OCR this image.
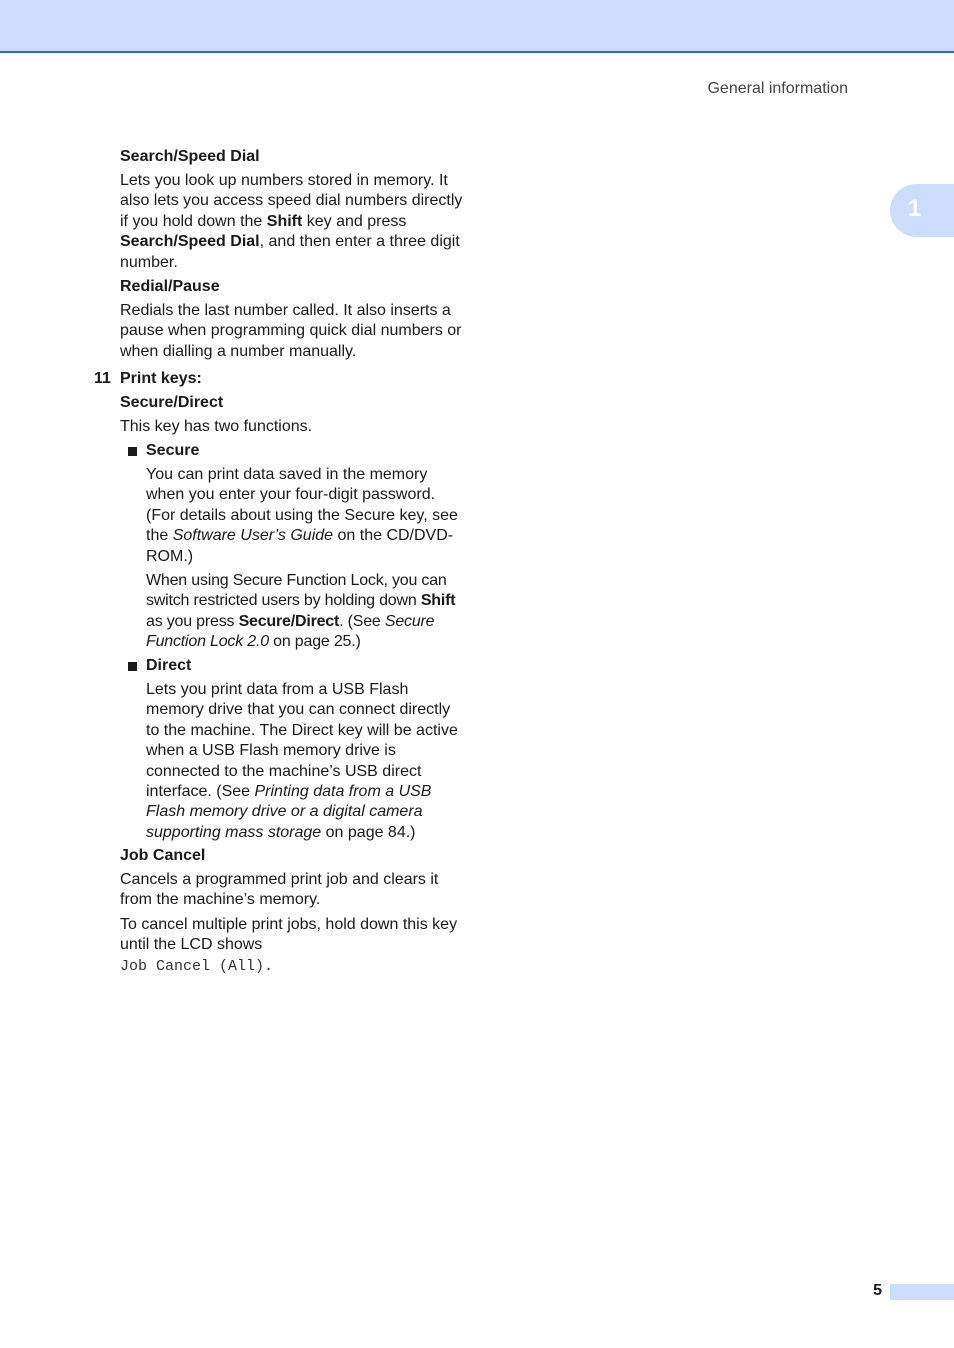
General information
1
Search/Speed Dial

Lets you look up numbers stored in memory. It also lets you access speed dial numbers directly if you hold down the Shift key and press Search/Speed Dial, and then enter a three digit number.

Redial/Pause

Redials the last number called. It also inserts a pause when programming quick dial numbers or when dialling a number manually.

11 Print keys:
Secure/Direct

This key has two functions.

Secure

You can print data saved in the memory when you enter your four-digit password. (For details about using the Secure key, see the Software User’s Guide on the CD/DVD-ROM.)

When using Secure Function Lock, you can switch restricted users by holding down Shift as you press Secure/Direct. (See Secure Function Lock 2.0 on page 25.)

Direct

Lets you print data from a USB Flash memory drive that you can connect directly to the machine. The Direct key will be active when a USB Flash memory drive is connected to the machine’s USB direct interface. (See Printing data from a USB Flash memory drive or a digital camera supporting mass storage on page 84.)

Job Cancel

Cancels a programmed print job and clears it from the machine’s memory.

To cancel multiple print jobs, hold down this key until the LCD shows

Job Cancel (All).
5
